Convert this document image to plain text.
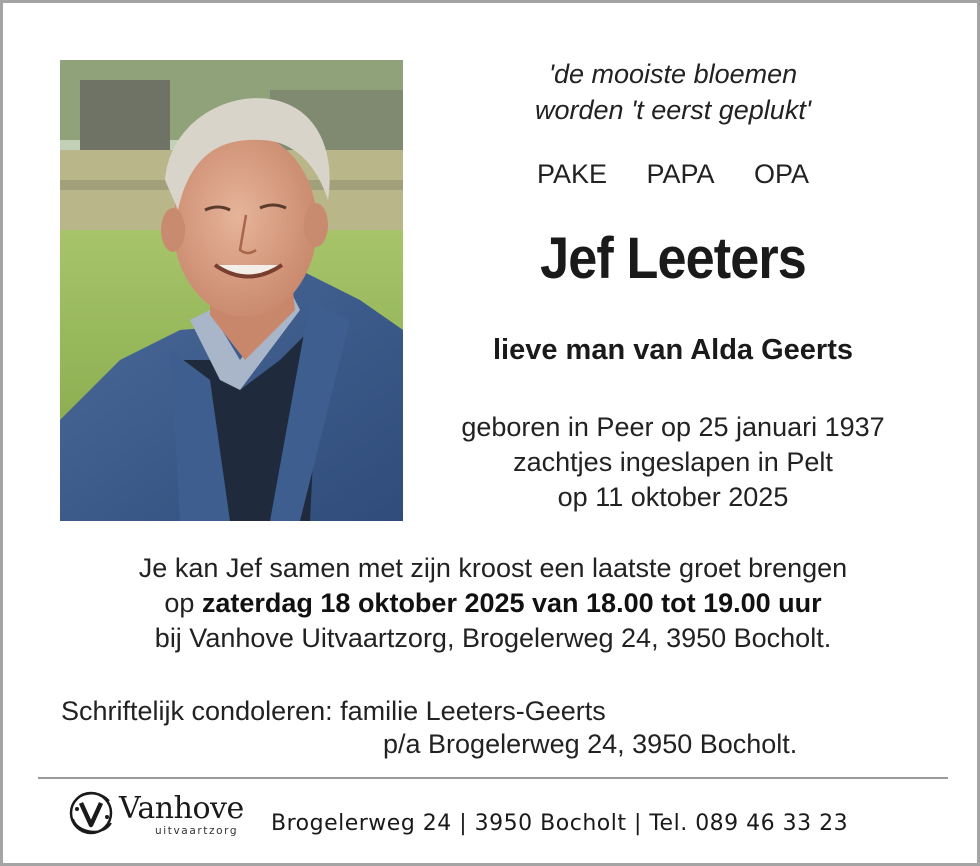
'de mooiste bloemen
worden 't eerst geplukt'
PAKE PAPA OPA
Jef Leeters
lieve man van Alda Geerts
geboren in Peer op 25 januari 1937
zachtjes ingeslapen in Pelt
op 11 oktober 2025
Je kan Jef samen met zijn kroost een laatste groet brengen
op zaterdag 18 oktober 2025 van 18.00 tot 19.00 uur
bij Vanhove Uitvaartzorg, Brogelerweg 24, 3950 Bocholt.
Schriftelijk condoleren: familie Leeters-Geerts
p/a Brogelerweg 24, 3950 Bocholt.
Vanhove
uitvaartzorg Brogelerweg 24 | 3950 Bocholt | Tel. 089 46 33 23
